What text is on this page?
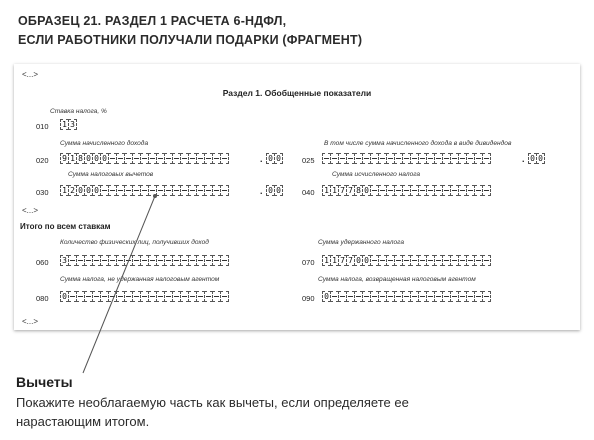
ОБРАЗЕЦ 21. РАЗДЕЛ 1 РАСЧЕТА 6-НДФЛ,
ЕСЛИ РАБОТНИКИ ПОЛУЧАЛИ ПОДАРКИ (ФРАГМЕНТ)
<...>
Раздел 1. Обобщенные показатели
Ставка налога, %
010 1 3
Сумма начисленного дохода
020 9 1 8 0 0 0	. 0 0
В том числе сумма начисленного дохода в виде дивидендов
025	. 0 0
Сумма налоговых вычетов
030 1 2 0 0 0	. 0 0
Сумма исчисленного налога
040 1 1 7 7 8 0
<...>
Итого по всем ставкам
Количество физических лиц, получивших доход
060 3
Сумма удержанного налога
070 1 1 7 7 0 0
Сумма налога, не удержанная налоговым агентом
080 0
Сумма налога, возвращенная налоговым агентом
090 0
<...>
Вычеты
Покажите необлагаемую часть как вычеты, если определяете ее нарастающим итогом.
